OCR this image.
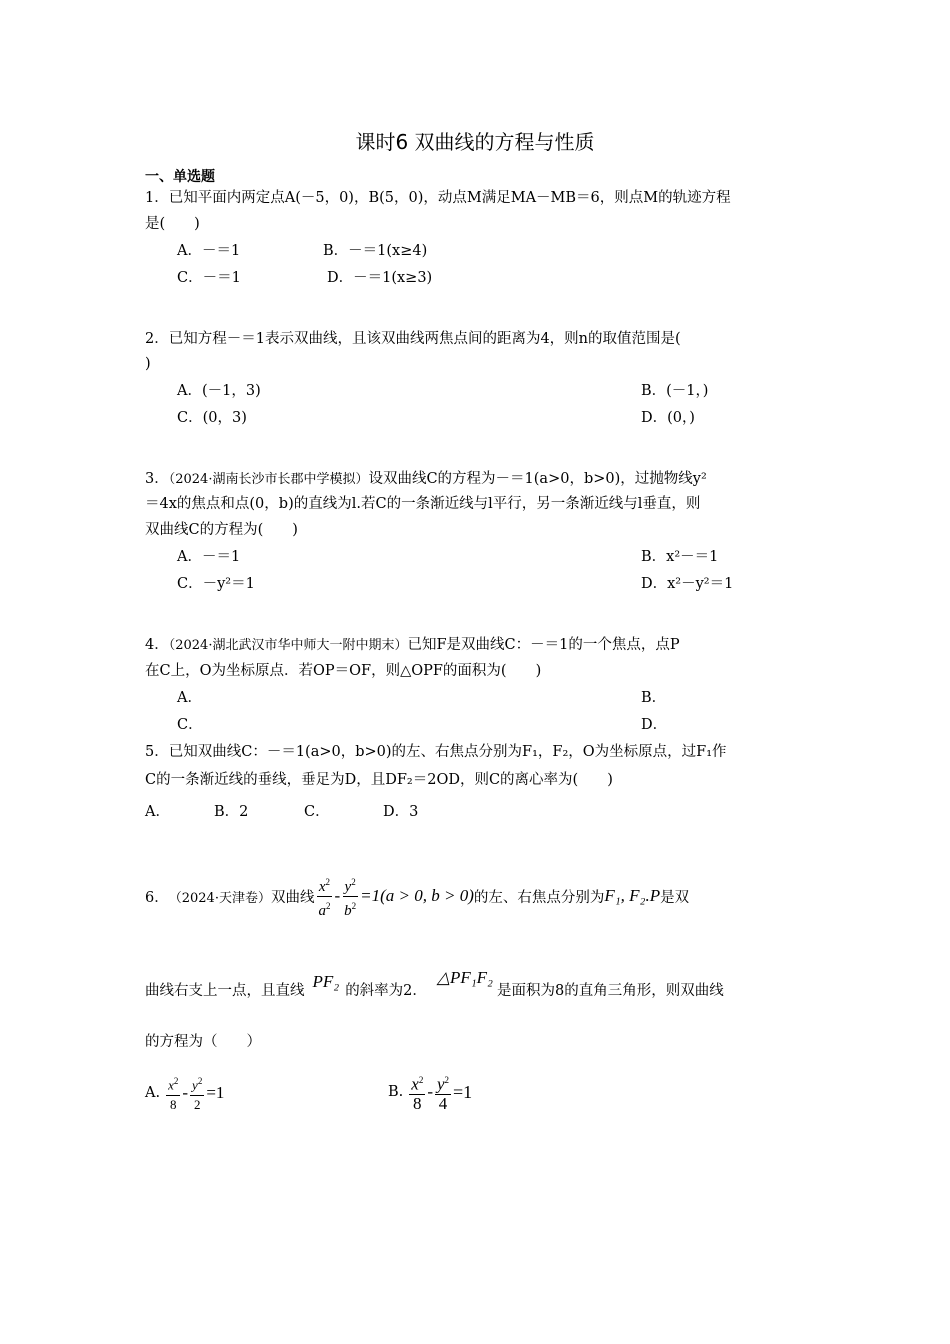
课时6 双曲线的方程与性质
一、单选题
1．已知平面内两定点A(－5，0)，B(5，0)，动点M满足MA－MB＝6，则点M的轨迹方程
是(　　)
A．－＝1	B．－＝1(x≥4)
C．－＝1	D．－＝1(x≥3)
2．已知方程－＝1表示双曲线，且该双曲线两焦点间的距离为4，则n的取值范围是(
)
A．(－1，3)	B．(－1，)
C．(0，3)	D．(0，)
3．（2024·湖南长沙市长郡中学模拟）设双曲线C的方程为－＝1(a>0，b>0)，过抛物线y²
＝4x的焦点和点(0，b)的直线为l.若C的一条渐近线与l平行，另一条渐近线与l垂直，则
双曲线C的方程为(　　)
A．－＝1	B．x²－＝1
C．－y²＝1	D．x²－y²＝1
4．（2024·湖北武汉市华中师大一附中期末）已知F是双曲线C：－＝1的一个焦点，点P
在C上，O为坐标原点．若OP＝OF，则△OPF的面积为(　　)
A．	B．
C．	D．
5．已知双曲线C：－＝1(a>0，b>0)的左、右焦点分别为F₁，F₂，O为坐标原点，过F₁作
C的一条渐近线的垂线，垂足为D，且DF₂＝2OD，则C的离心率为(　　)
A．	B．2	C．	D．3
6． （2024·天津卷） 双曲线 $\frac{x^2}{a^2} - \frac{y^2}{b^2} =1(a > 0$, b > 0) 的左、右焦点分别为 F₁, F₂.P 是双
曲线右支上一点，且直线 PF₂ 的斜率为2．
△PF₁F₂
是面积为8的直角三角形，则双曲线
的方程为（　　）
A. $\frac{x^2}{8} - \frac{y^2}{2} =1$	B. $\frac{x^2}{8} - \frac{y^2}{4} =1$
